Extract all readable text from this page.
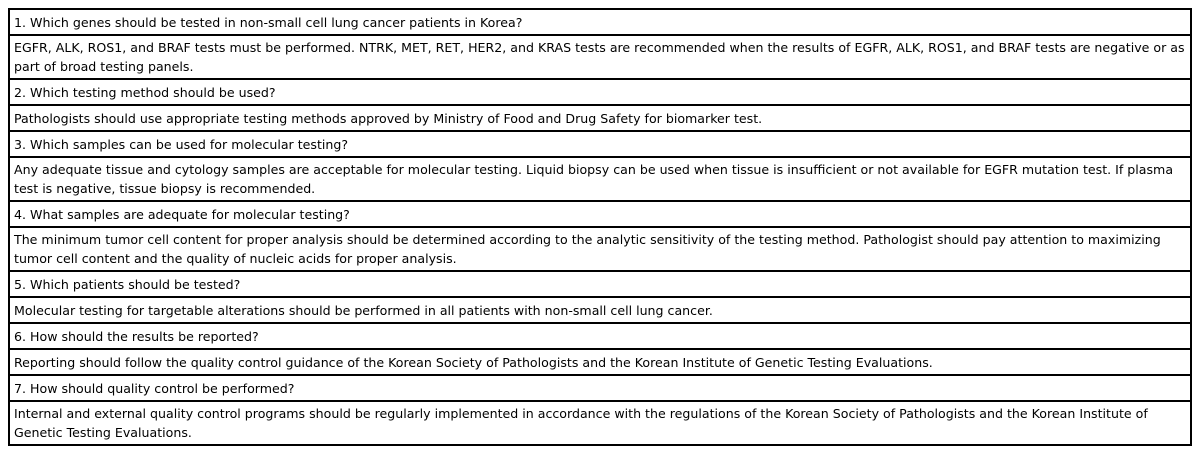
1. Which genes should be tested in non-small cell lung cancer patients in Korea?
EGFR, ALK, ROS1, and BRAF tests must be performed. NTRK, MET, RET, HER2, and KRAS tests are recommended when the results of EGFR, ALK, ROS1, and BRAF tests are negative or as part of broad testing panels.
2. Which testing method should be used?
Pathologists should use appropriate testing methods approved by Ministry of Food and Drug Safety for biomarker test.
3. Which samples can be used for molecular testing?
Any adequate tissue and cytology samples are acceptable for molecular testing. Liquid biopsy can be used when tissue is insufficient or not available for EGFR mutation test. If plasma test is negative, tissue biopsy is recommended.
4. What samples are adequate for molecular testing?
The minimum tumor cell content for proper analysis should be determined according to the analytic sensitivity of the testing method. Pathologist should pay attention to maximizing tumor cell content and the quality of nucleic acids for proper analysis.
5. Which patients should be tested?
Molecular testing for targetable alterations should be performed in all patients with non-small cell lung cancer.
6. How should the results be reported?
Reporting should follow the quality control guidance of the Korean Society of Pathologists and the Korean Institute of Genetic Testing Evaluations.
7. How should quality control be performed?
Internal and external quality control programs should be regularly implemented in accordance with the regulations of the Korean Society of Pathologists and the Korean Institute of Genetic Testing Evaluations.
